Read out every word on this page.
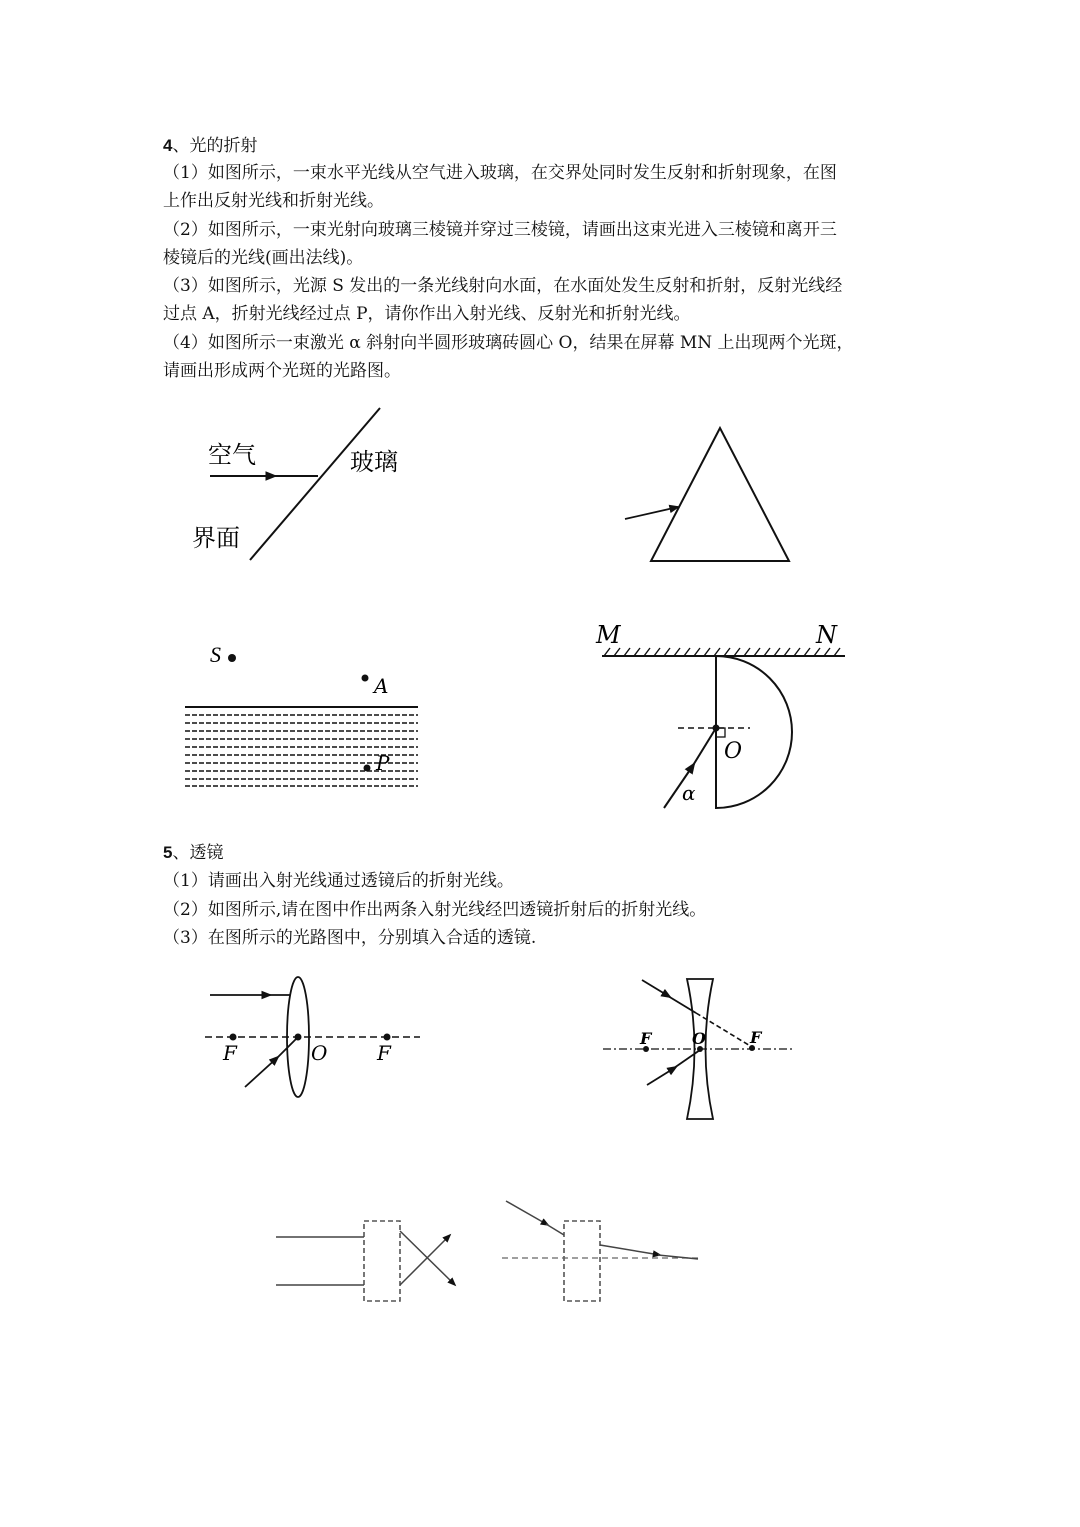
4、光的折射
（1）如图所示，一束水平光线从空气进入玻璃，在交界处同时发生反射和折射现象，在图
上作出反射光线和折射光线。
（2）如图所示，一束光射向玻璃三棱镜并穿过三棱镜，请画出这束光进入三棱镜和离开三
棱镜后的光线(画出法线)。
（3）如图所示，光源 S 发出的一条光线射向水面，在水面处发生反射和折射，反射光线经
过点 A，折射光线经过点 P，请你作出入射光线、反射光和折射光线。
（4）如图所示一束激光 α 斜射向半圆形玻璃砖圆心 O，结果在屏幕 MN 上出现两个光斑，
请画出形成两个光斑的光路图。
空气	玻璃
界面
S
A
P
M	N
O
α
5、透镜
（1）请画出入射光线通过透镜后的折射光线。
（2）如图所示,请在图中作出两条入射光线经凹透镜折射后的折射光线。
（3）在图所示的光路图中，分别填入合适的透镜.
F	O F
F	O	F
